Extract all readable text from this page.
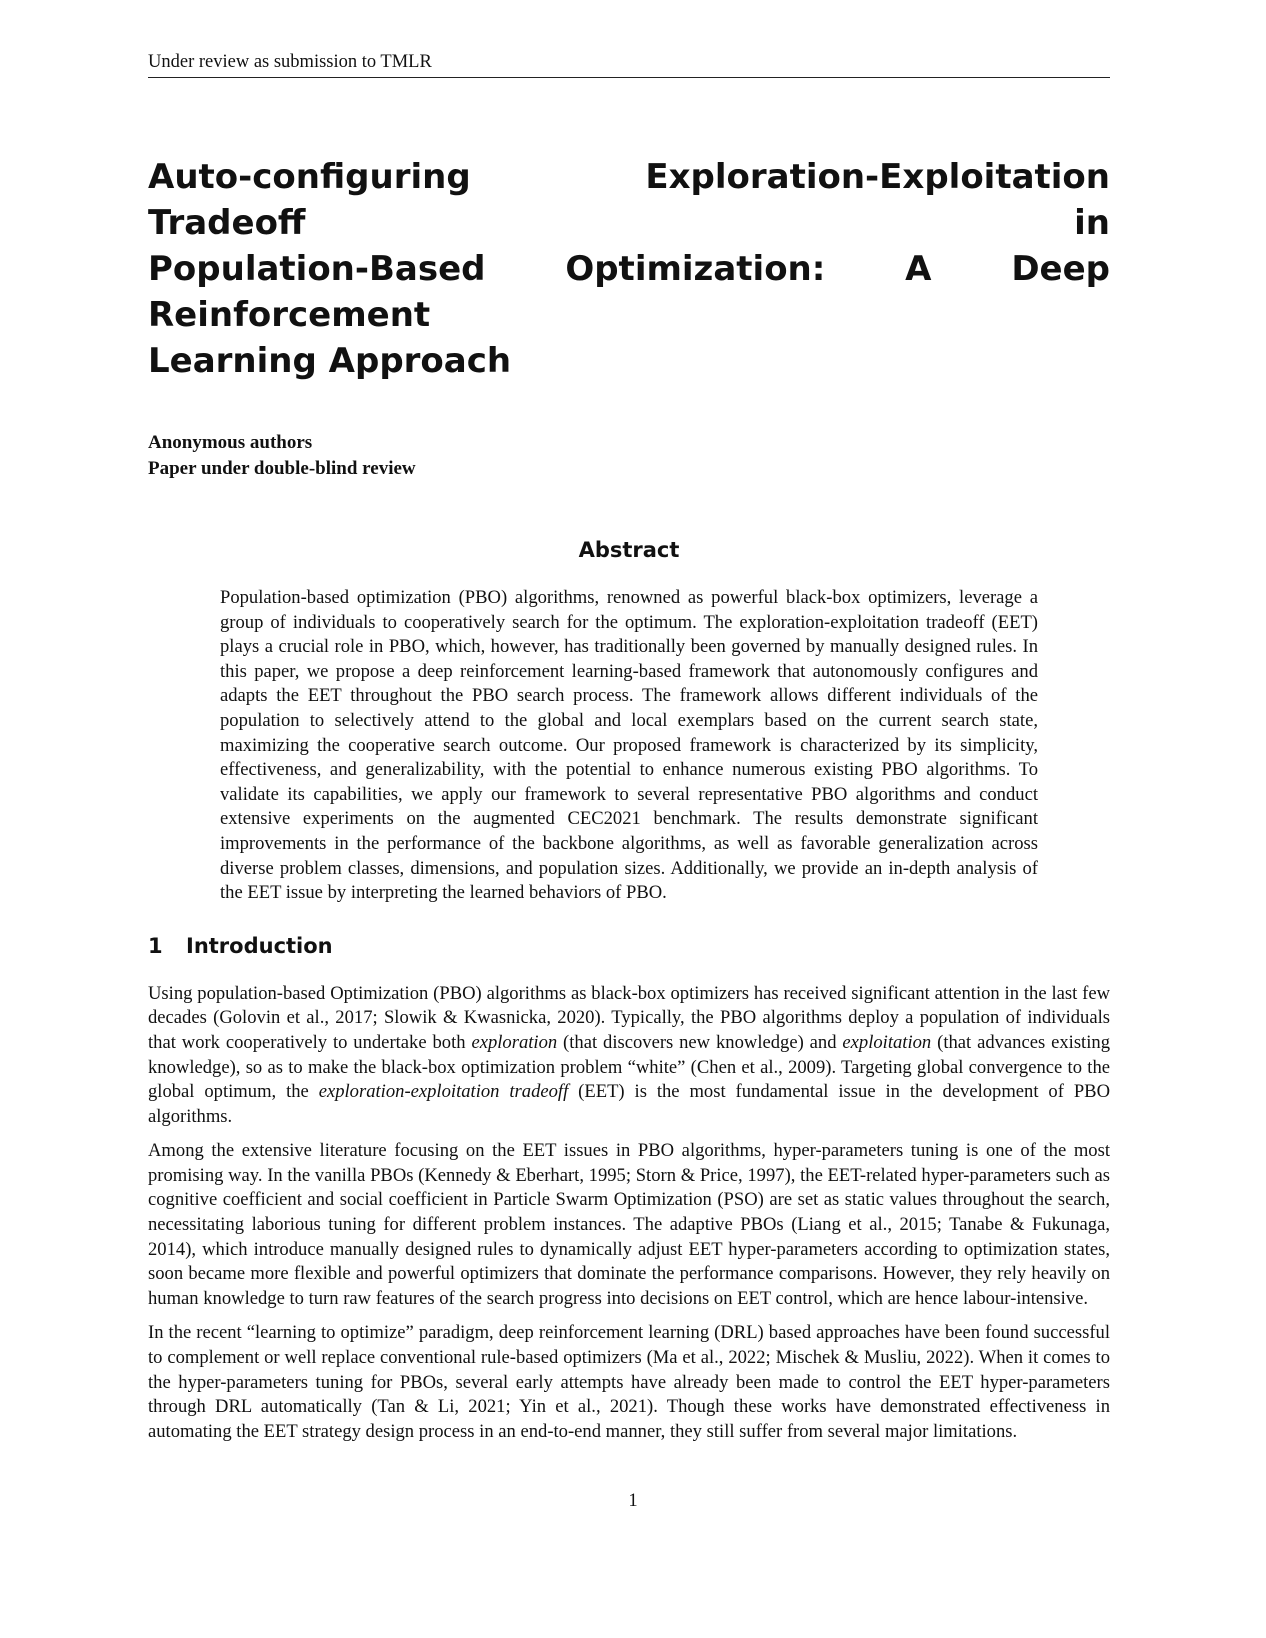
Under review as submission to TMLR
Auto-configuring Exploration-Exploitation Tradeoff in
Population-Based Optimization: A Deep Reinforcement
Learning Approach
Anonymous authors
Paper under double-blind review
Abstract

Population-based optimization (PBO) algorithms, renowned as powerful black-box optimizers, leverage a group of individuals to cooperatively search for the optimum. The exploration-exploitation tradeoff (EET) plays a crucial role in PBO, which, however, has traditionally been governed by manually designed rules. In this paper, we propose a deep reinforcement learning-based framework that autonomously configures and adapts the EET throughout the PBO search process. The framework allows different individuals of the population to selectively attend to the global and local exemplars based on the current search state, maximizing the cooperative search outcome. Our proposed framework is characterized by its simplicity, effectiveness, and generalizability, with the potential to enhance numerous existing PBO algorithms. To validate its capabilities, we apply our framework to several representative PBO algorithms and conduct extensive experiments on the augmented CEC2021 benchmark. The results demonstrate significant improvements in the performance of the backbone algorithms, as well as favorable generalization across diverse problem classes, dimensions, and population sizes. Additionally, we provide an in-depth analysis of the EET issue by interpreting the learned behaviors of PBO.

1 Introduction

Using population-based Optimization (PBO) algorithms as black-box optimizers has received significant attention in the last few decades (Golovin et al., 2017; Slowik & Kwasnicka, 2020). Typically, the PBO algorithms deploy a population of individuals that work cooperatively to undertake both exploration (that discovers new knowledge) and exploitation (that advances existing knowledge), so as to make the black-box optimization problem “white” (Chen et al., 2009). Targeting global convergence to the global optimum, the exploration-exploitation tradeoff (EET) is the most fundamental issue in the development of PBO algorithms.

Among the extensive literature focusing on the EET issues in PBO algorithms, hyper-parameters tuning is one of the most promising way. In the vanilla PBOs (Kennedy & Eberhart, 1995; Storn & Price, 1997), the EET-related hyper-parameters such as cognitive coefficient and social coefficient in Particle Swarm Optimization (PSO) are set as static values throughout the search, necessitating laborious tuning for different problem instances. The adaptive PBOs (Liang et al., 2015; Tanabe & Fukunaga, 2014), which introduce manually designed rules to dynamically adjust EET hyper-parameters according to optimization states, soon became more flexible and powerful optimizers that dominate the performance comparisons. However, they rely heavily on human knowledge to turn raw features of the search progress into decisions on EET control, which are hence labour-intensive.

In the recent “learning to optimize” paradigm, deep reinforcement learning (DRL) based approaches have been found successful to complement or well replace conventional rule-based optimizers (Ma et al., 2022; Mischek & Musliu, 2022). When it comes to the hyper-parameters tuning for PBOs, several early attempts have already been made to control the EET hyper-parameters through DRL automatically (Tan & Li, 2021; Yin et al., 2021). Though these works have demonstrated effectiveness in automating the EET strategy design process in an end-to-end manner, they still suffer from several major limitations.

1
